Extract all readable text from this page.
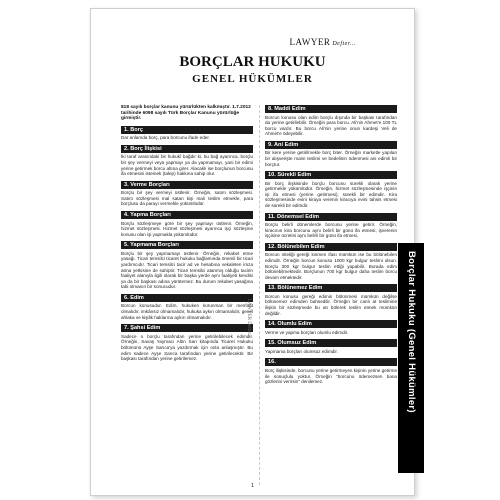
LAWYER Defter...
BORÇLAR HUKUKU
GENEL HÜKÜMLER
818 sayılı borçlar kanunu yürürlükten kalkmıştır. 1.7.2012 tarihinde 6098 sayılı Türk Borçlar Kanunu yürürlüğe girmiştir.
1. Borç
Dar anlamda borç, para borcunu ifade eder.
2. Borç İlişkisi
İki taraf arasındaki bir hukukî bağdır ki, bu bağ ayarınca, borçlu bir şey vermeyi veya yapmayı ya da yapmamayı, yani bir edimi yerine getirmek borcu altına girer. Alacaklı ise borçlunun borcunu ifa etmesini istemek (talep) hakkına sahip olur.
3. Verme Borçları
Borçlu bir şey vermeyi üstlenir. Örneğin, satım sözleşmesi. Satım sözleşmesi mal satan kişi malı teslim etmekle, para borçlusu da parayı vermekle yükümlüdür.
4. Yapma Borçları
Borçlu sözleşmeye göre bir şey yapmayı üstlenir. Örneğin, hizmet sözleşmesi. Hizmet sözleşmesi ayarınca işçi sözleşme konusu olan işi yapmakla yükümlüdür.
5. Yapmama Borçları
Borçlu bir şey yapmamayı üstlenir. Örneğin, rekabet etme yasağı. Ticari temsilci ticaret hukuku bağlamında önemli bir ticari yardımcıdır. Ticari temsilci tacir ad ve hesabına vekaleten imza atma yetkisine de sahiptir. Ticari temsilci atanmış olduğu tacirin faaliyet alanıyla ilgili olarak bir başka yerde aynı faaliyeti kendisi ya da bir başkası adına yürütemez. Bu durum rekabet yasağına tabi olmanın bir sonucudur.
6. Edim
Borcun konusudur. Edim, hukuken korunman bir menfaat olmalıdır, imkânsız olmamalıdır, hukuka aykırı olmamalıdır, genel ahlaka ve kişilik haklarına aykırı olmamalıdır.
7. Şahsi Edim
Sadece o borçlu tarafından yerine getirilebilecek edimdir. Örneğin, Savaş Yaymacı Altın Sarı kitapında Ticaret Hukuku bölümünü Ayşe Sarıca'ya yazdırmak için onla anlaşmıştır. Bu edim sadece Ayşe Sarıca tarafından yerine getirilecektir. Bir başkası tarafından yerine getirilemez.
LAWYER Defter...
8. Maddi Edim
Borcun konusu olan edim borçlu dışında bir başkası tarafından da yerine getirilebilir. Örneğin para borcu. Ali'nin Ahmet'e 100 TL borcu vardır. Bu borcu Ali'nin yerine onun kardeşi Veli de Ahmet'e ödeyebilir.
9. Ani Edim
Bir kere yerine getirilmekle borç biter. Örneğin marketle yapılan bir alışverişte malın teslimi ve bedelinin ödenmesi ani edimli bir borçtur.
10. Sürekli Edim
Bir borç ilişkisinde borçlu borcunu sürekli olarak yerine getirmekle yükümlüdür. Örneğin, hizmet sözleşmesinde işçinin işi ifa etmesi (yerine getirmesi), sürekli bir edimdir. Kira sözleşmesinde evini kiraya verenin kiracıya evini tahsis etmesi de sürekli bir edimdir.
11. Dönemsel Edim
Borçlu belirli dönemlerde borcunu yerine getirir. Örneğin, kiracının kira borcunu aynı belirli bir günü ifa etmesi, işverenin işçisine ücretini aynı belirli bir günü ifa etmesi.
12. Bölünebilen Edim
Borcun niteliği gereği kısmen ifası mümkün ise bu bölünebilen edimdir. Örneğin borcun konusu 1000 kgr bulgur teslimi olsun. Borçlu 300 kgr bulgur teslim ettiği yapabilir. Burada edim bölünebilmektedir. Borçlunun 700 kgr bulgur daha teslim borcu devam etmektedir.
13. Bölünemez Edim
Borcun konusu gereği edimin bölünmesi mümkün değilse bölünemez edimden bahsedilir. Örneğin bir canlı at teslimine ilişkin bir sözleşmede bu atı bölerek teslim etmek mümkün değildir.
14. Olumlu Edim
Verme ve yapma borçları olumlu edimdir.
15. Olumsuz Edim
Yapmama borçları olumsuz edimdir.
16.
Borç ilişkisinde, borcunu yerine getirmeyen kişinin yerine getirme ile sonuçlulu yoktur. Örneğin "borcunu ödemezsen bana gözlerini verirsin" denilemez.
1
Borçlar Hukuku (Genel Hükümler)
